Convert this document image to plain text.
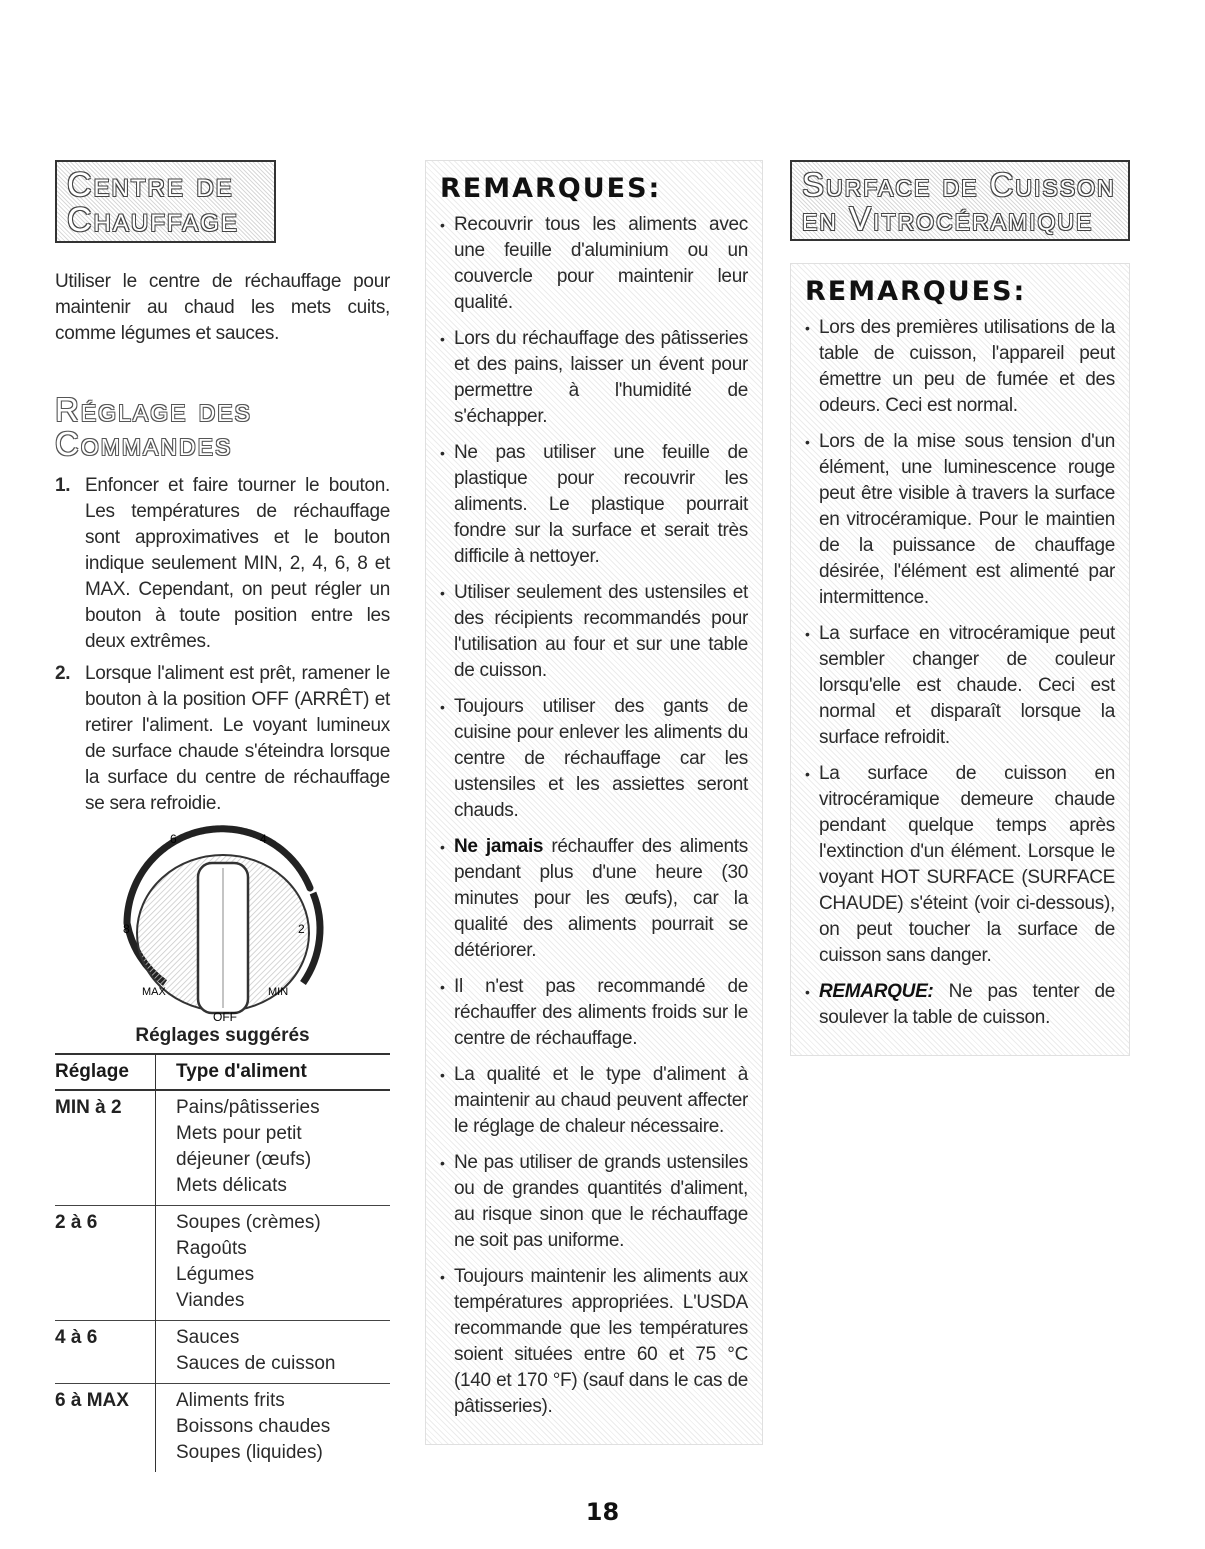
Centre de
Chauffage

Utiliser le centre de réchauffage pour maintenir au chaud les mets cuits, comme légumes et sauces.

Réglage des
Commandes
1. Enfoncer et faire tourner le bouton. Les températures de réchauffage sont approximatives et le bouton indique seulement MIN, 2, 4, 6, 8 et MAX. Cependant, on peut régler un bouton à toute position entre les deux extrêmes.
2. Lorsque l'aliment est prêt, ramener le bouton à la position OFF (ARRÊT) et retirer l'aliment. Le voyant lumineux de surface chaude s'éteindra lorsque la surface du centre de réchauffage se sera refroidie.
6	4
8	2
MAX	MIN
OFF
Réglages suggérés
Réglage	Type d'aliment
MIN à 2	Pains/pâtisseries
Mets pour petit
déjeuner (œufs)
Mets délicats

2 à 6	Soupes (crèmes)
Ragoûts
Légumes
Viandes

4 à 6	Sauces
Sauces de cuisson

6 à MAX	Aliments frits
Boissons chaudes
Soupes (liquides)
REMARQUES:
• Recouvrir tous les aliments avec une feuille d'aluminium ou un couvercle pour maintenir leur qualité.
• Lors du réchauffage des pâtisseries et des pains, laisser un évent pour permettre à l'humidité de s'échapper.
• Ne pas utiliser une feuille de plastique pour recouvrir les aliments. Le plastique pourrait fondre sur la surface et serait très difficile à nettoyer.
• Utiliser seulement des ustensiles et des récipients recommandés pour l'utilisation au four et sur une table de cuisson.
• Toujours utiliser des gants de cuisine pour enlever les aliments du centre de réchauffage car les ustensiles et les assiettes seront chauds.
• Ne jamais réchauffer des aliments pendant plus d'une heure (30 minutes pour les œufs), car la qualité des aliments pourrait se détériorer.
• Il n'est pas recommandé de réchauffer des aliments froids sur le centre de réchauffage.
• La qualité et le type d'aliment à maintenir au chaud peuvent affecter le réglage de chaleur nécessaire.
• Ne pas utiliser de grands ustensiles ou de grandes quantités d'aliment, au risque sinon que le réchauffage ne soit pas uniforme.
• Toujours maintenir les aliments aux températures appropriées. L'USDA recommande que les températures soient situées entre 60 et 75 °C (140 et 170 °F) (sauf dans le cas de pâtisseries).
Surface de Cuisson
en Vitrocéramique
REMARQUES:
• Lors des premières utilisations de la table de cuisson, l'appareil peut émettre un peu de fumée et des odeurs. Ceci est normal.
• Lors de la mise sous tension d'un élément, une luminescence rouge peut être visible à travers la surface en vitrocéramique. Pour le maintien de la puissance de chauffage désirée, l'élément est alimenté par intermittence.
• La surface en vitrocéramique peut sembler changer de couleur lorsqu'elle est chaude. Ceci est normal et disparaît lorsque la surface refroidit.
• La surface de cuisson en vitrocéramique demeure chaude pendant quelque temps après l'extinction d'un élément. Lorsque le voyant HOT SURFACE (SURFACE CHAUDE) s'éteint (voir ci-dessous), on peut toucher la surface de cuisson sans danger.
• REMARQUE: Ne pas tenter de soulever la table de cuisson.
18
